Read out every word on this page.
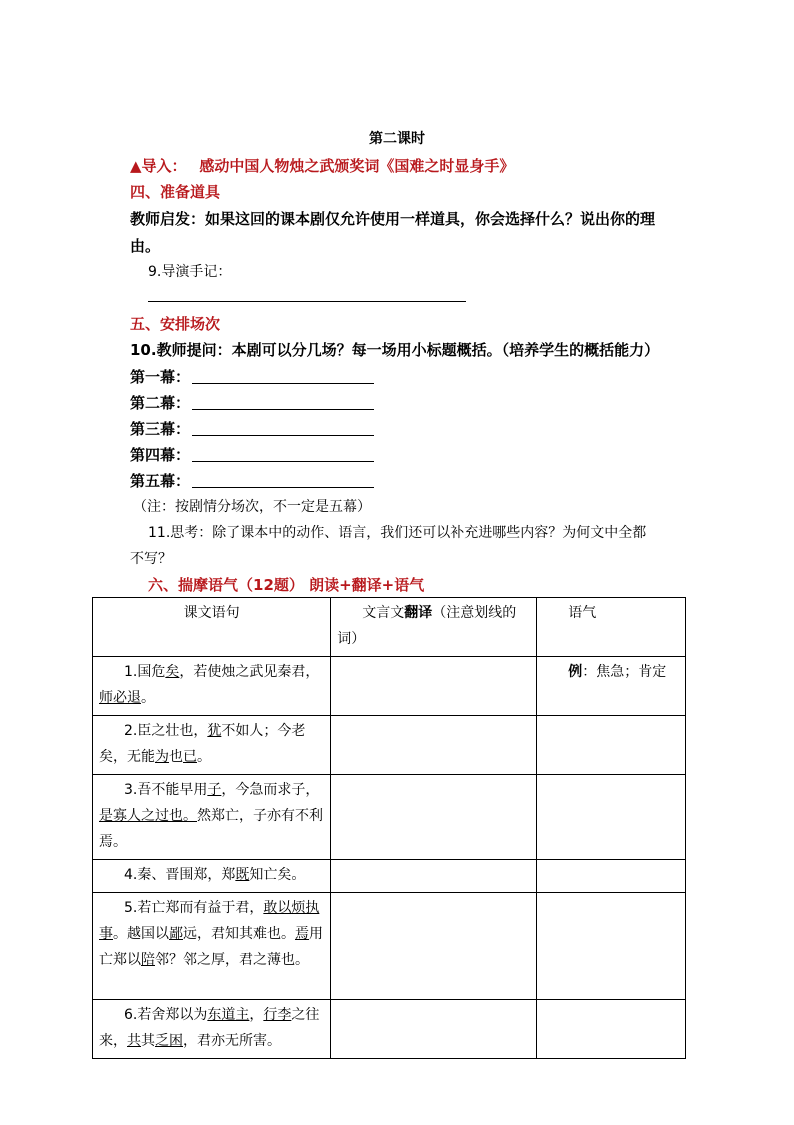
第二课时
▲导入： 感动中国人物烛之武颁奖词《国难之时显身手》
四、准备道具
教师启发：如果这回的课本剧仅允许使用一样道具，你会选择什么？说出你的理
由。
9.导演手记：
五、安排场次
10.教师提问：本剧可以分几场？每一场用小标题概括。（培养学生的概括能力）
第一幕：
第二幕：
第三幕：
第四幕：
第五幕：
（注：按剧情分场次，不一定是五幕）
11.思考：除了课本中的动作、语言，我们还可以补充进哪些内容？为何文中全都
不写？
六、揣摩语气（12题） 朗读+翻译+语气
课文语句	文言文翻译（注意划线的词）	语气
1.国危矣，若使烛之武见秦君，师必退。		例：焦急；肯定
2.臣之壮也，犹不如人；今老矣，无能为也已。		
3.吾不能早用子，今急而求子，是寡人之过也。然郑亡，子亦有不利焉。		
4.秦、晋围郑，郑既知亡矣。		
5.若亡郑而有益于君，敢以烦执事。越国以鄙远，君知其难也。焉用亡郑以陪邻？邻之厚，君之薄也。		
6.若舍郑以为东道主，行李之往来，共其乏困，君亦无所害。		
